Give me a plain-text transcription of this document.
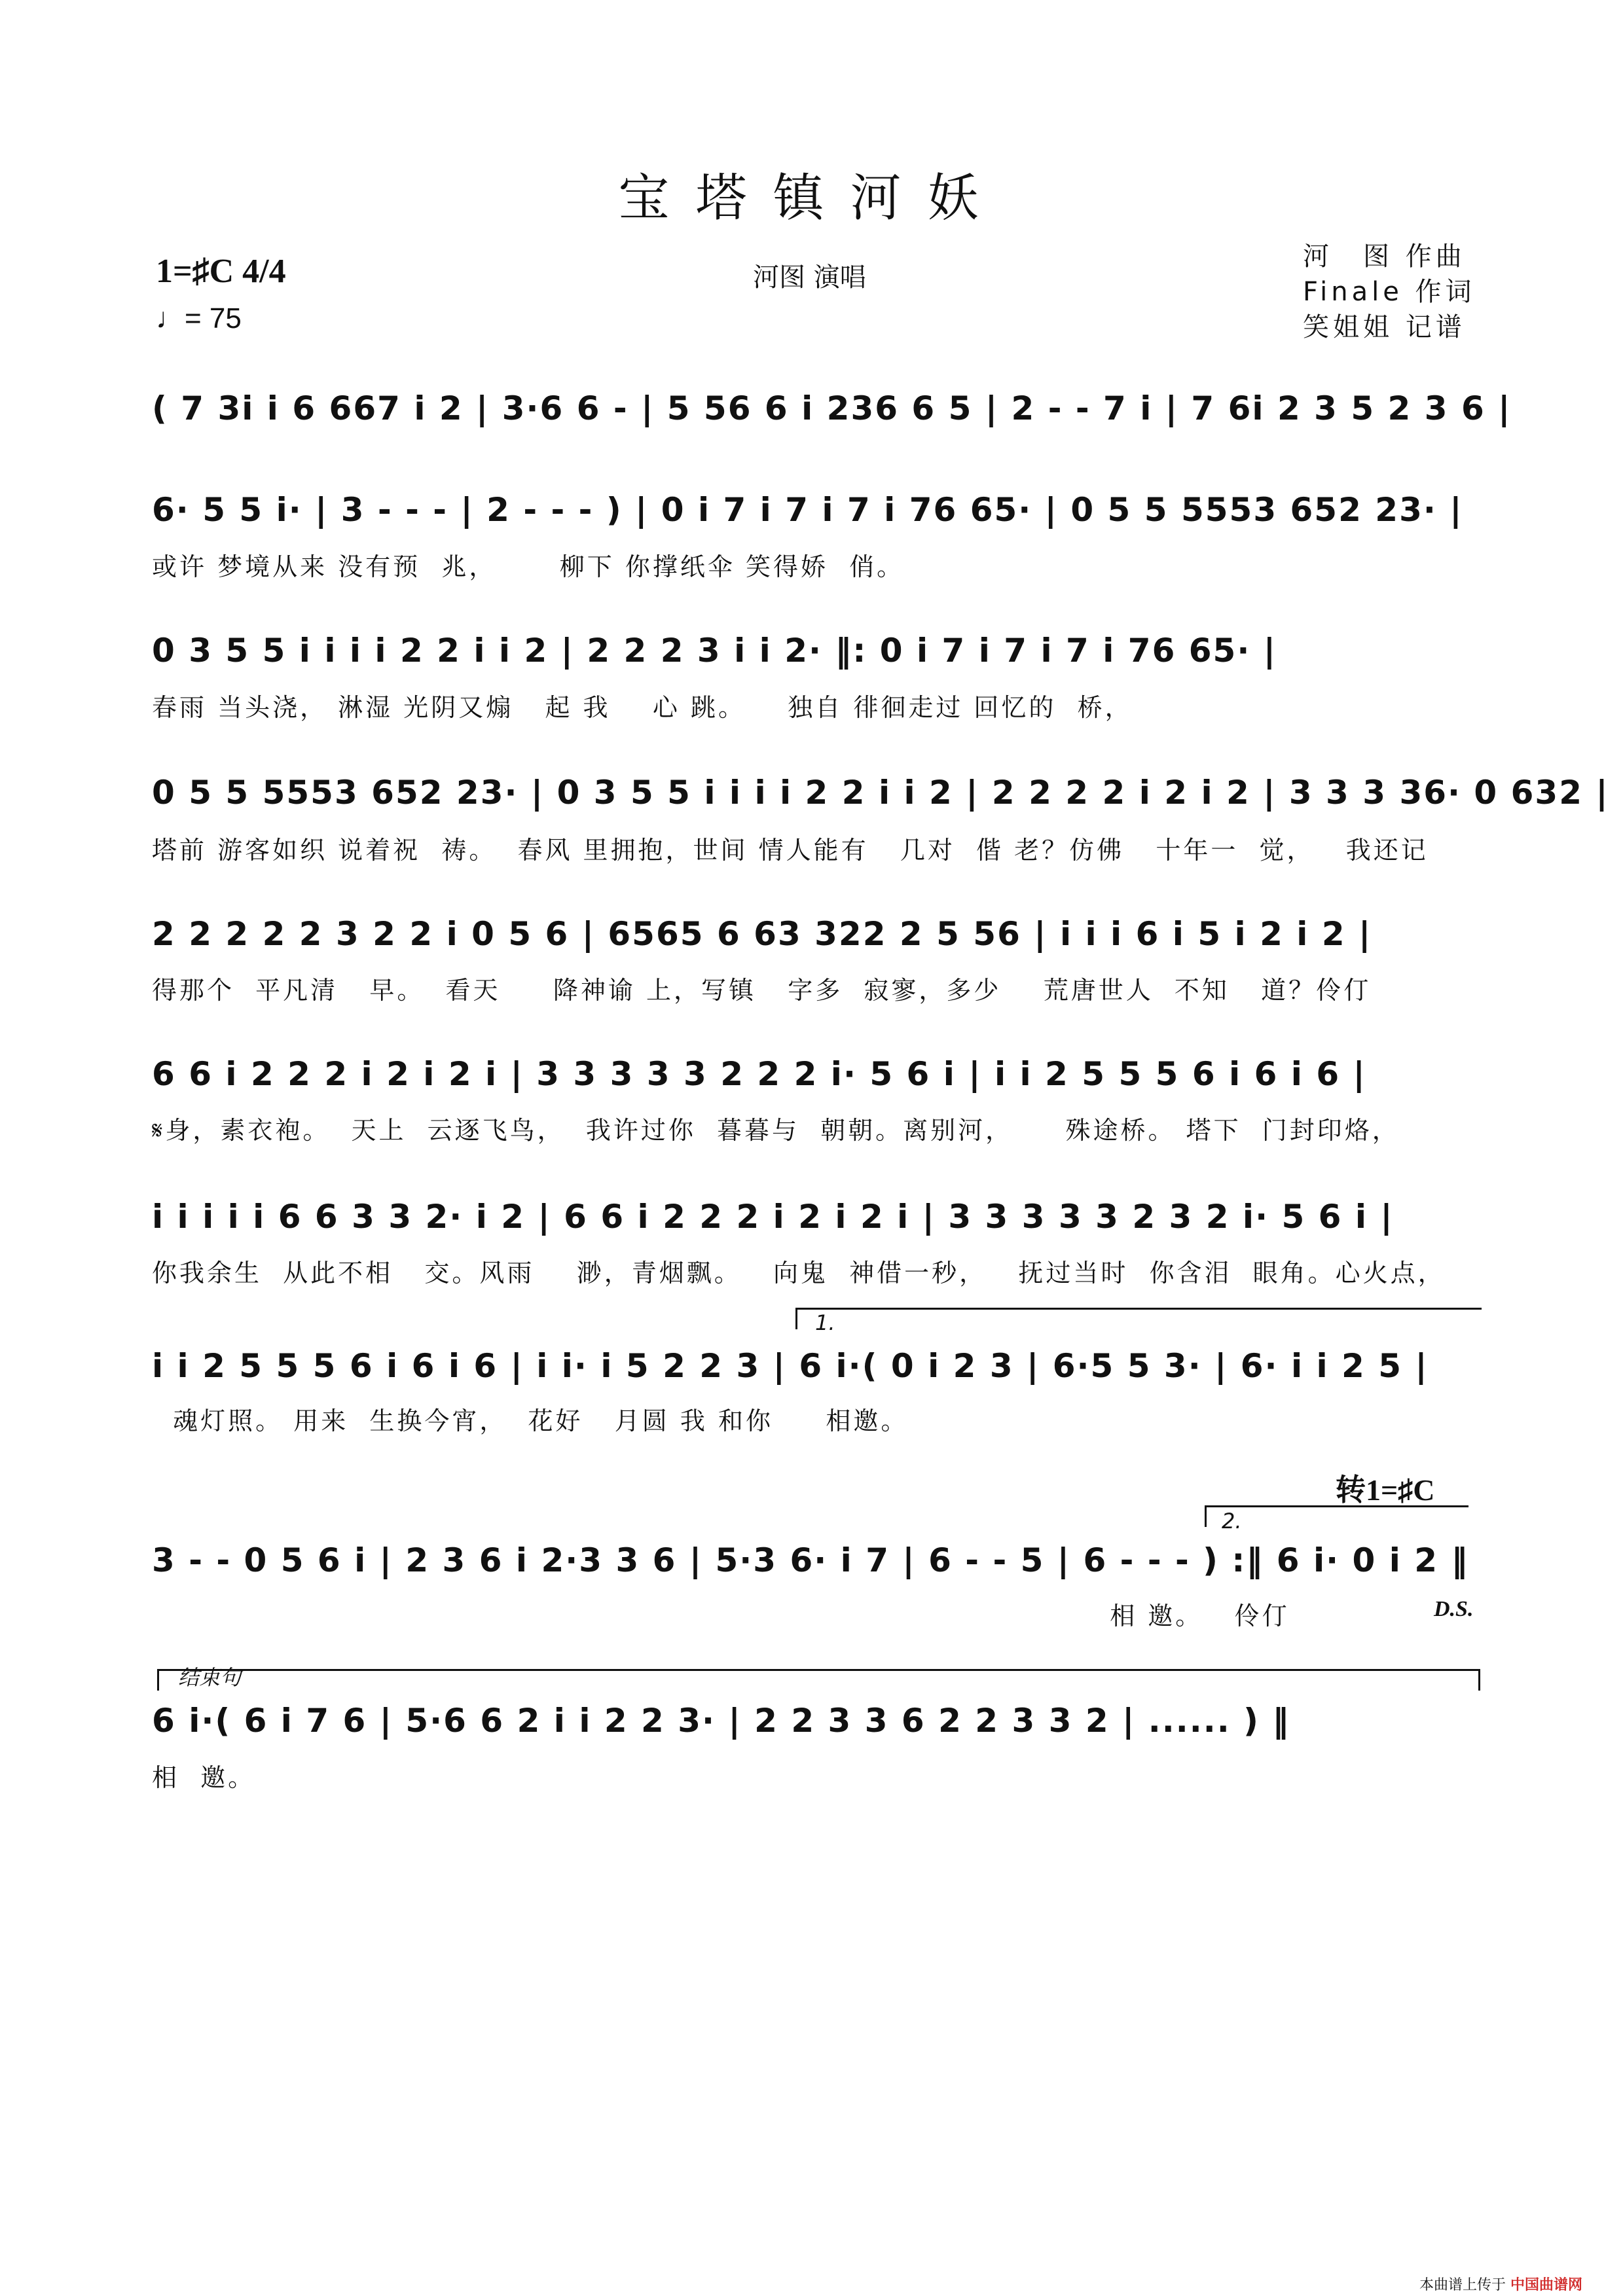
宝塔镇河妖
1=♯C 4/4
♩= 75
河图 演唱
河　图 作曲
Finale 作词
笑姐姐 记谱
( 7 3i i 6 667 i 2 | 3·6 6 - | 5 56 6 i 236 6 5 | 2 - - 7 i | 7 6i 2 3 5 2 3 6 |
6· 5 5 i· | 3 - - - | 2 - - - ) | 0 i 7 i 7 i 7 i 76 65· | 0 5 5 5553 652 23· |
或许 梦境从来 没有预  兆，      柳下 你撑纸伞 笑得娇  俏。
0 3 5 5 i i i i 2 2 i i 2 | 2 2 2 3 i i 2· ‖: 0 i 7 i 7 i 7 i 76 65· |
春雨 当头浇， 淋湿 光阴又煽   起 我    心 跳。    独自 徘徊走过 回忆的  桥，
0 5 5 5553 652 23· | 0 3 5 5 i i i i 2 2 i i 2 | 2 2 2 2 i 2 i 2 | 3 3 3 36· 0 632 |
塔前 游客如织 说着祝  祷。  春风 里拥抱，世间 情人能有   几对  偕 老？仿佛   十年一  觉，   我还记
2 2 2 2 2 3 2 2 i 0 5 6 | 6565 6 63 322 2 5 56 | i i i 6 i 5 i 2 i 2 |
得那个  平凡清   早。  看天     降神谕 上，写镇   字多  寂寥，多少    荒唐世人  不知   道？伶仃
6 6 i 2 2 2 i 2 i 2 i | 3 3 3 3 3 2 2 2 i· 5 6 i | i i 2 5 5 5 6 i 6 i 6 |
𝄋身，素衣袍。  天上  云逐飞鸟，  我许过你  暮暮与  朝朝。离别河，     殊途桥。 塔下  门封印烙，
i i i i i 6 6 3 3 2· i 2 | 6 6 i 2 2 2 i 2 i 2 i | 3 3 3 3 3 2 3 2 i· 5 6 i |
你我余生  从此不相   交。风雨    渺，青烟飘。   向鬼  神借一秒，   抚过当时  你含泪  眼角。心火点，
1.
i i 2 5 5 5 6 i 6 i 6 | i i· i 5 2 2 3 | 6 i·( 0 i 2 3 | 6·5 5 3· | 6· i i 2 5 |
魂灯照。 用来  生换今宵，  花好   月圆 我 和你     相邀。
转1=♯C
2.
3 - - 0 5 6 i | 2 3 6 i 2·3 3 6 | 5·3 6· i 7 | 6 - - 5 | 6 - - - ) :‖ 6 i· 0 i 2 ‖
相 邀。   伶仃	D.S.
结束句
6 i·( 6 i 7 6 | 5·6 6 2 i i 2 2 3· | 2 2 3 3 6 2 2 3 3 2 | ...... ) ‖
相  邀。
本曲谱上传于 中国曲谱网
